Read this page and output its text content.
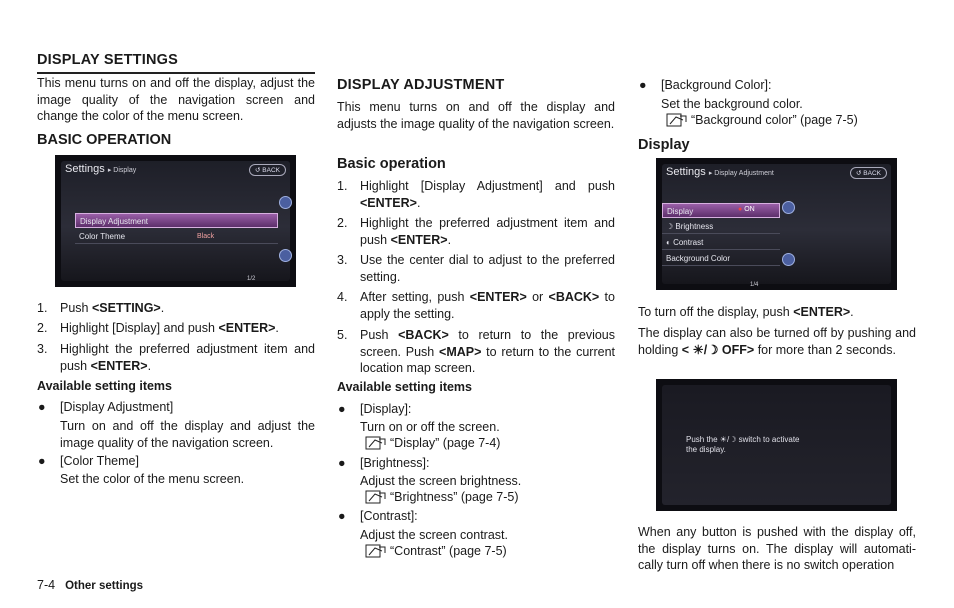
DISPLAY SETTINGS
This menu turns on and off the display, adjust the image quality of the navigation screen and change the color of the menu screen.
BASIC OPERATION
Settings ▸ Display	↺ BACK
Display Adjustment
Color Theme	Black
1/2
1. Push <SETTING>.
2. Highlight [Display] and push <ENTER>.
3. Highlight the preferred adjustment item and push <ENTER>.
Available setting items
● [Display Adjustment]
Turn on and off the display and adjust the image quality of the navigation screen.
● [Color Theme]
Set the color of the menu screen.
DISPLAY ADJUSTMENT
This menu turns on and off the display and adjusts the image quality of the navigation screen.
Basic operation
1. Highlight [Display Adjustment] and push <ENTER>.
2. Highlight the preferred adjustment item and push <ENTER>.
3. Use the center dial to adjust to the preferred setting.
4. After setting, push <ENTER> or <BACK> to apply the setting.
5. Push <BACK> to return to the previous screen. Push <MAP> to return to the current location map screen.
Available setting items
● [Display]:
Turn on or off the screen.
“Display” (page 7-4)
● [Brightness]:
Adjust the screen brightness.
“Brightness” (page 7-5)
● [Contrast]:
Adjust the screen contrast.
“Contrast” (page 7-5)
● [Background Color]:
Set the background color.
“Background color” (page 7-5)
Display
Settings ▸ Display Adjustment	↺ BACK
Display	● ON
☽ Brightness
◐ Contrast
Background Color
1/4
To turn off the display, push <ENTER>.
The display can also be turned off by pushing and holding < ☀/☽ OFF> for more than 2 seconds.
Push the ☀/☽ switch to activate
the display.
When any button is pushed with the display off, the display turns on. The display will automati-cally turn off when there is no switch operation
7-4 Other settings
